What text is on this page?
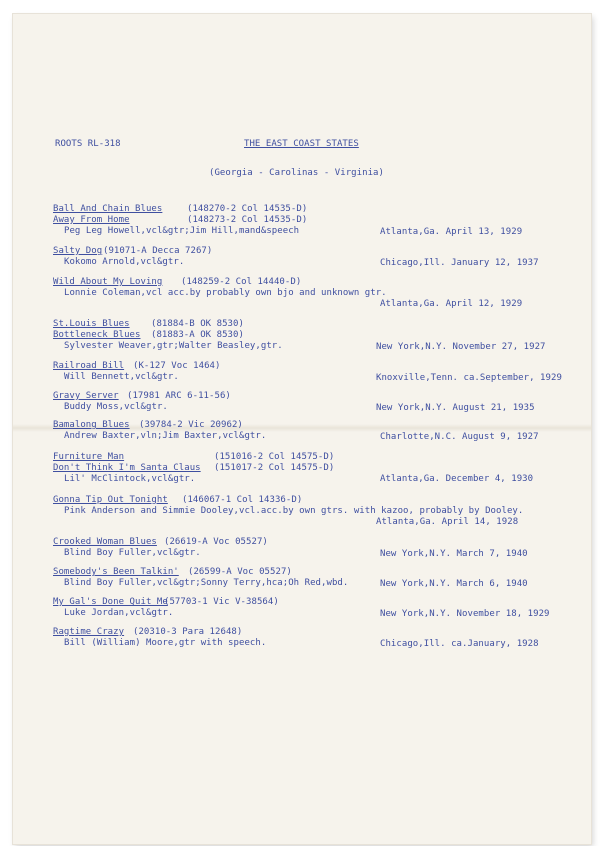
ROOTS RL-318	THE EAST COAST STATES
(Georgia - Carolinas - Virginia)
Ball And Chain Blues	(148270-2 Col 14535-D)
Away From Home	(148273-2 Col 14535-D)
Peg Leg Howell,vcl&gtr;Jim Hill,mand&speech	Atlanta,Ga. April 13, 1929
Salty Dog (91071-A Decca 7267)
Kokomo Arnold,vcl&gtr.	Chicago,Ill. January 12, 1937
Wild About My Loving (148259-2 Col 14440-D)
Lonnie Coleman,vcl acc.by probably own bjo and unknown gtr.
Atlanta,Ga. April 12, 1929
St.Louis Blues (81884-B OK 8530)
Bottleneck Blues (81883-A OK 8530)
Sylvester Weaver,gtr;Walter Beasley,gtr.	New York,N.Y. November 27, 1927
Railroad Bill (K-127 Voc 1464)
Will Bennett,vcl&gtr.	Knoxville,Tenn. ca.September, 1929
Gravy Server (17981 ARC 6-11-56)
Buddy Moss,vcl&gtr.	New York,N.Y. August 21, 1935
Bamalong Blues (39784-2 Vic 20962)
Andrew Baxter,vln;Jim Baxter,vcl&gtr.	Charlotte,N.C. August 9, 1927
Furniture Man	(151016-2 Col 14575-D)
Don't Think I'm Santa Claus (151017-2 Col 14575-D)
Lil' McClintock,vcl&gtr.	Atlanta,Ga. December 4, 1930
Gonna Tip Out Tonight (146067-1 Col 14336-D)
Pink Anderson and Simmie Dooley,vcl.acc.by own gtrs. with kazoo, probably by Dooley.
Atlanta,Ga. April 14, 1928
Crooked Woman Blues (26619-A Voc 05527)
Blind Boy Fuller,vcl&gtr.	New York,N.Y. March 7, 1940
Somebody's Been Talkin' (26599-A Voc 05527)
Blind Boy Fuller,vcl&gtr;Sonny Terry,hca;Oh Red,wbd.	New York,N.Y. March 6, 1940
My Gal's Done Quit Me
(57703-1 Vic V-38564)
Luke Jordan,vcl&gtr.	New York,N.Y. November 18, 1929
Ragtime Crazy (20310-3 Para 12648)
Bill (William) Moore,gtr with speech.	Chicago,Ill. ca.January, 1928
